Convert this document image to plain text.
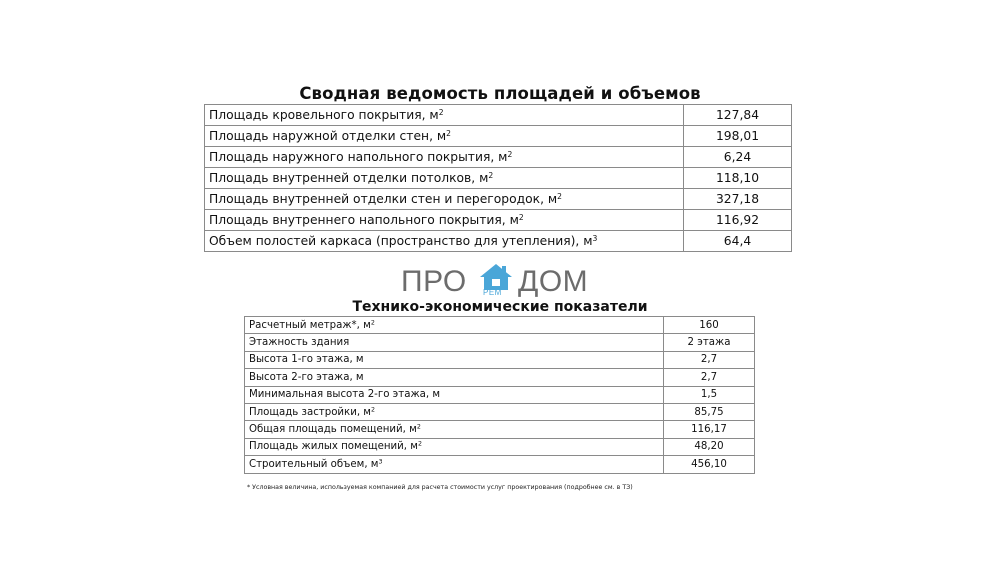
Сводная ведомость площадей и объемов
Площадь кровельного покрытия, $м^2$	127,84
Площадь наружной отделки стен, $м^2$	198,01
Площадь наружного напольного покрытия, $м^2$	6,24
Площадь внутренней отделки потолков, $м^2$	118,10
Площадь внутренней отделки стен и перегородок, $м^2$	327,18
Площадь внутреннего напольного покрытия, $м^2$	116,92
Объем полостей каркаса (пространство для утепления), $м^3$	64,4
ПРО РЕМ ДОМ
Технико-экономические показатели
Расчетный метраж*, $м^2$	160
Этажность здания	2 этажа
Высота 1-го этажа, м	2,7
Высота 2-го этажа, м	2,7
Минимальная высота 2-го этажа, м	1,5
Площадь застройки, $м^2$	85,75
Общая площадь помещений, $м^2$	116,17
Площадь жилых помещений, $м^2$	48,20
Строительный объем, $м^3$	456,10
* Условная величина, используемая компанией для расчета стоимости услуг проектирования (подробнее см. в ТЗ)
